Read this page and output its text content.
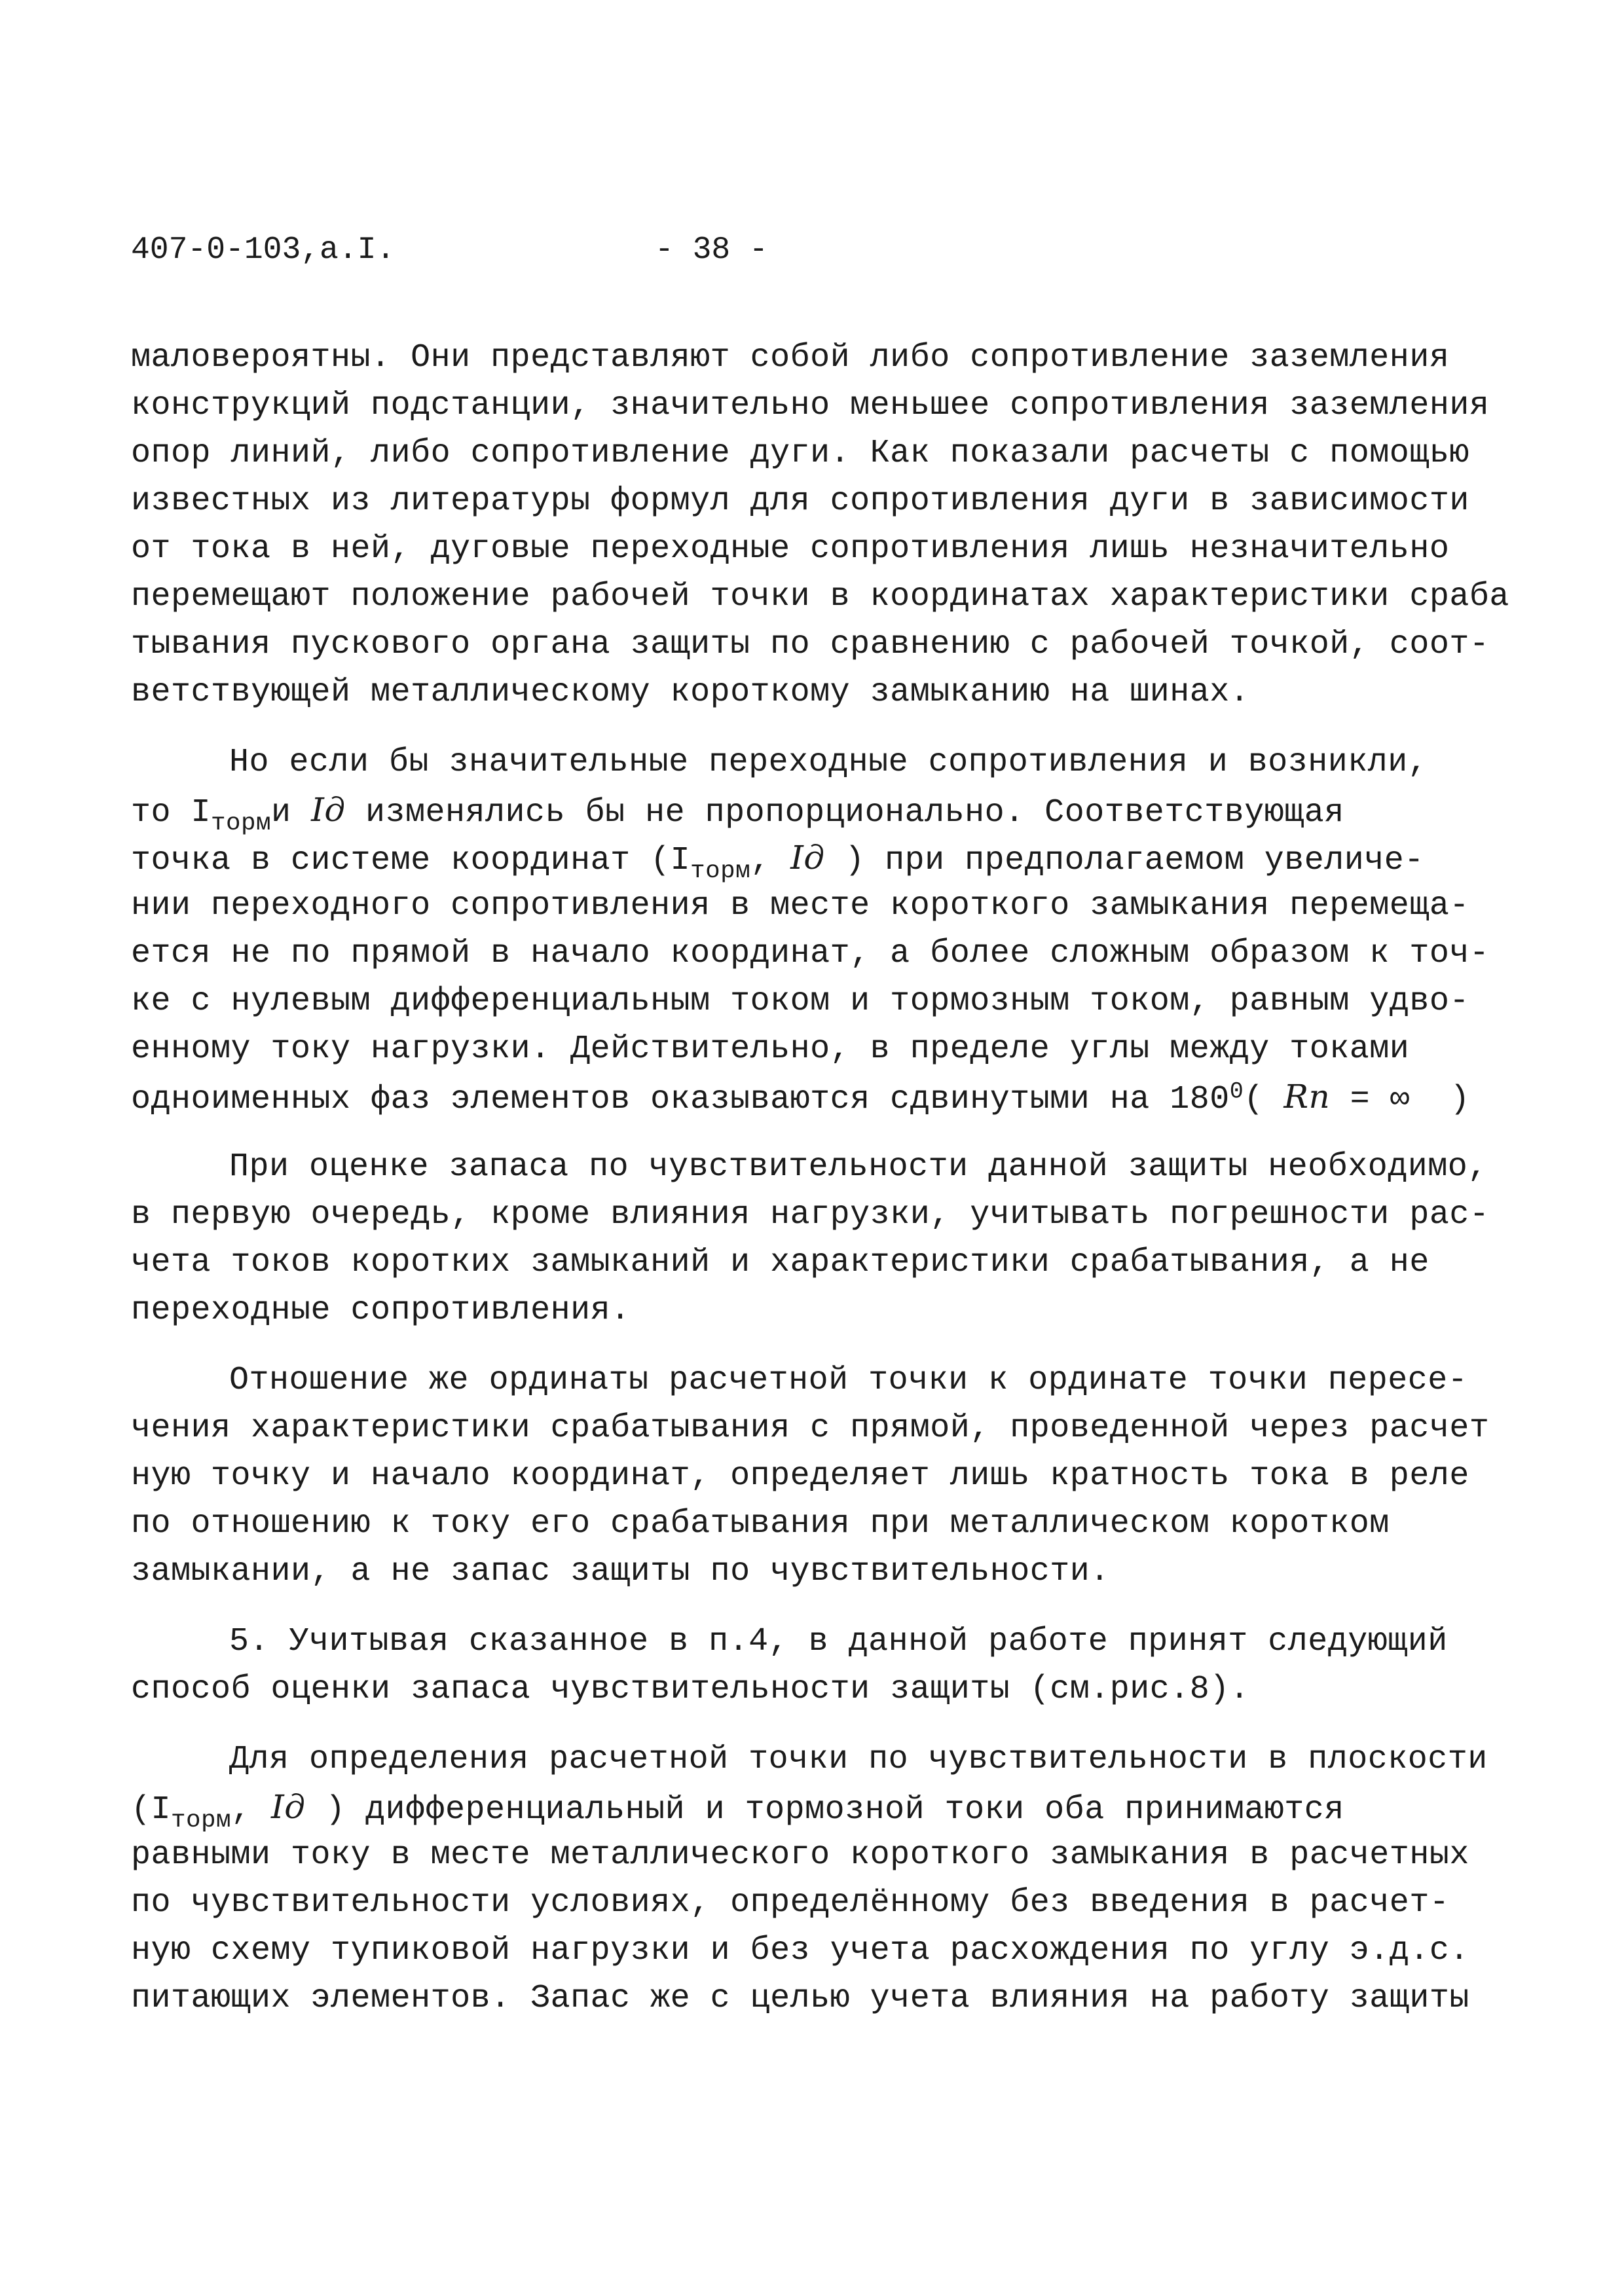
407-0-103,а.I.	- 38 -
маловероятны. Они представляют собой либо сопротивление заземления
конструкций подстанции, значительно меньшее сопротивления заземления
опор линий, либо сопротивление дуги. Как показали расчеты с помощью
известных из литературы формул для сопротивления дуги в зависимости
от тока в ней, дуговые переходные сопротивления лишь незначительно
перемещают положение рабочей точки в координатах характеристики сраба
тывания пускового органа защиты по сравнению с рабочей точкой, соот-
ветствующей металлическому короткому замыканию на шинах.
Но если бы значительные переходные сопротивления и возникли,
то $I_{торм}и$ Iд изменялись бы не пропорционально. Соответствующая
точка в системе координат ($I_{торм}$, Iд ) при предполагаемом увеличе-
нии переходного сопротивления в месте короткого замыкания перемеща-
ется не по прямой в начало координат, а более сложным образом к точ-
ке с нулевым дифференциальным током и тормозным током, равным удво-
енному току нагрузки. Действительно, в пределе углы между токами
одноименных фаз элементов оказываются сдвинутыми на $180^0$( Rп = ∞  )
При оценке запаса по чувствительности данной защиты необходимо,
в первую очередь, кроме влияния нагрузки, учитывать погрешности рас-
чета токов коротких замыканий и характеристики срабатывания, а не
переходные сопротивления.
Отношение же ординаты расчетной точки к ординате точки пересе-
чения характеристики срабатывания с прямой, проведенной через расчет
ную точку и начало координат, определяет лишь кратность тока в реле
по отношению к току его срабатывания при металлическом коротком
замыкании, а не запас защиты по чувствительности.
5. Учитывая сказанное в п.4, в данной работе принят следующий
способ оценки запаса чувствительности защиты (см.рис.8).
Для определения расчетной точки по чувствительности в плоскости
($I_{торм}$, Iд ) дифференциальный и тормозной токи оба принимаются
равными току в месте металлического короткого замыкания в расчетных
по чувствительности условиях, определённому без введения в расчет-
ную схему тупиковой нагрузки и без учета расхождения по углу э.д.с.
питающих элементов. Запас же с целью учета влияния на работу защиты
